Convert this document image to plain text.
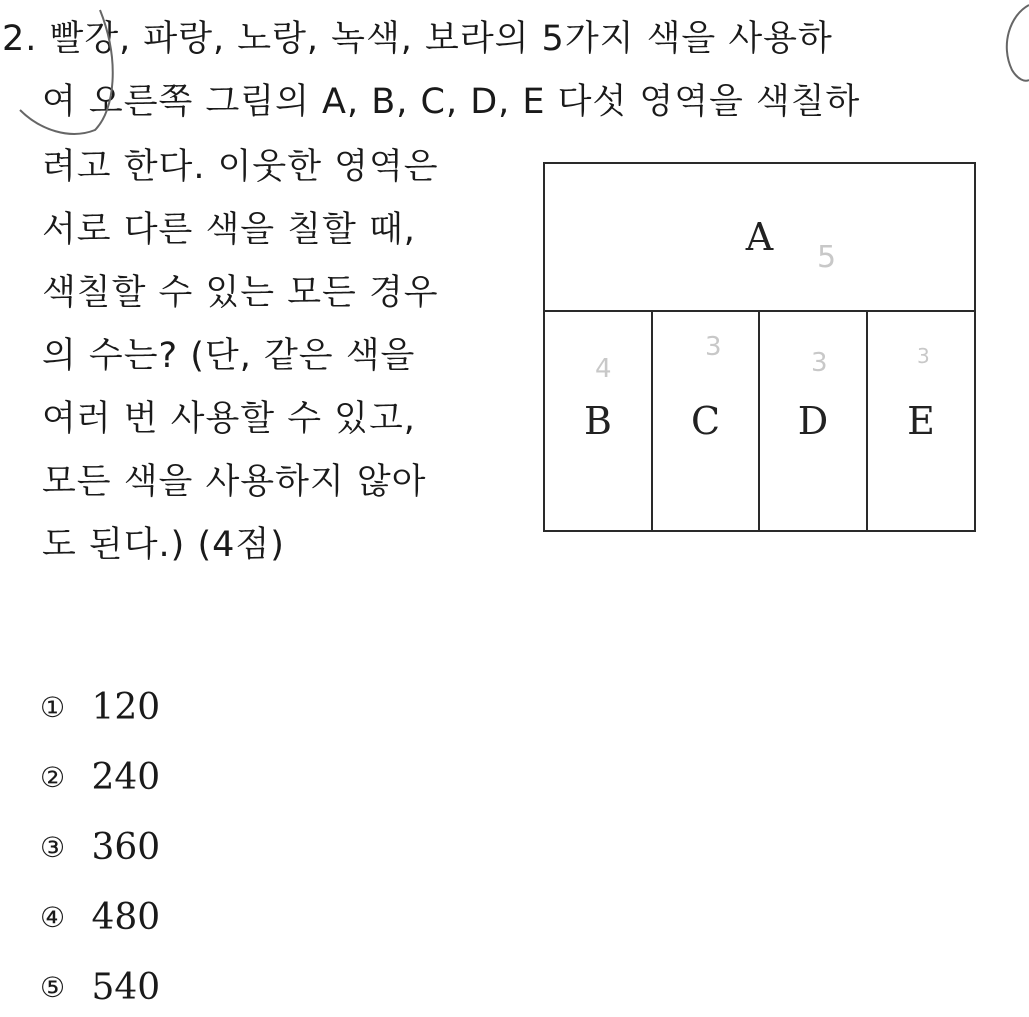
2. 빨강, 파랑, 노랑, 녹색, 보라의 5가지 색을 사용하
여 오른쪽 그림의 A, B, C, D, E 다섯 영역을 색칠하
려고 한다. 이웃한 영역은
서로 다른 색을 칠할 때,
색칠할 수 있는 모든 경우
의 수는? (단, 같은 색을
여러 번 사용할 수 있고,
모든 색을 사용하지 않아
도 된다.) (4점)
A
B C D E
5
4
3
3	3
① 120
② 240
③ 360
④ 480
⑤ 540
